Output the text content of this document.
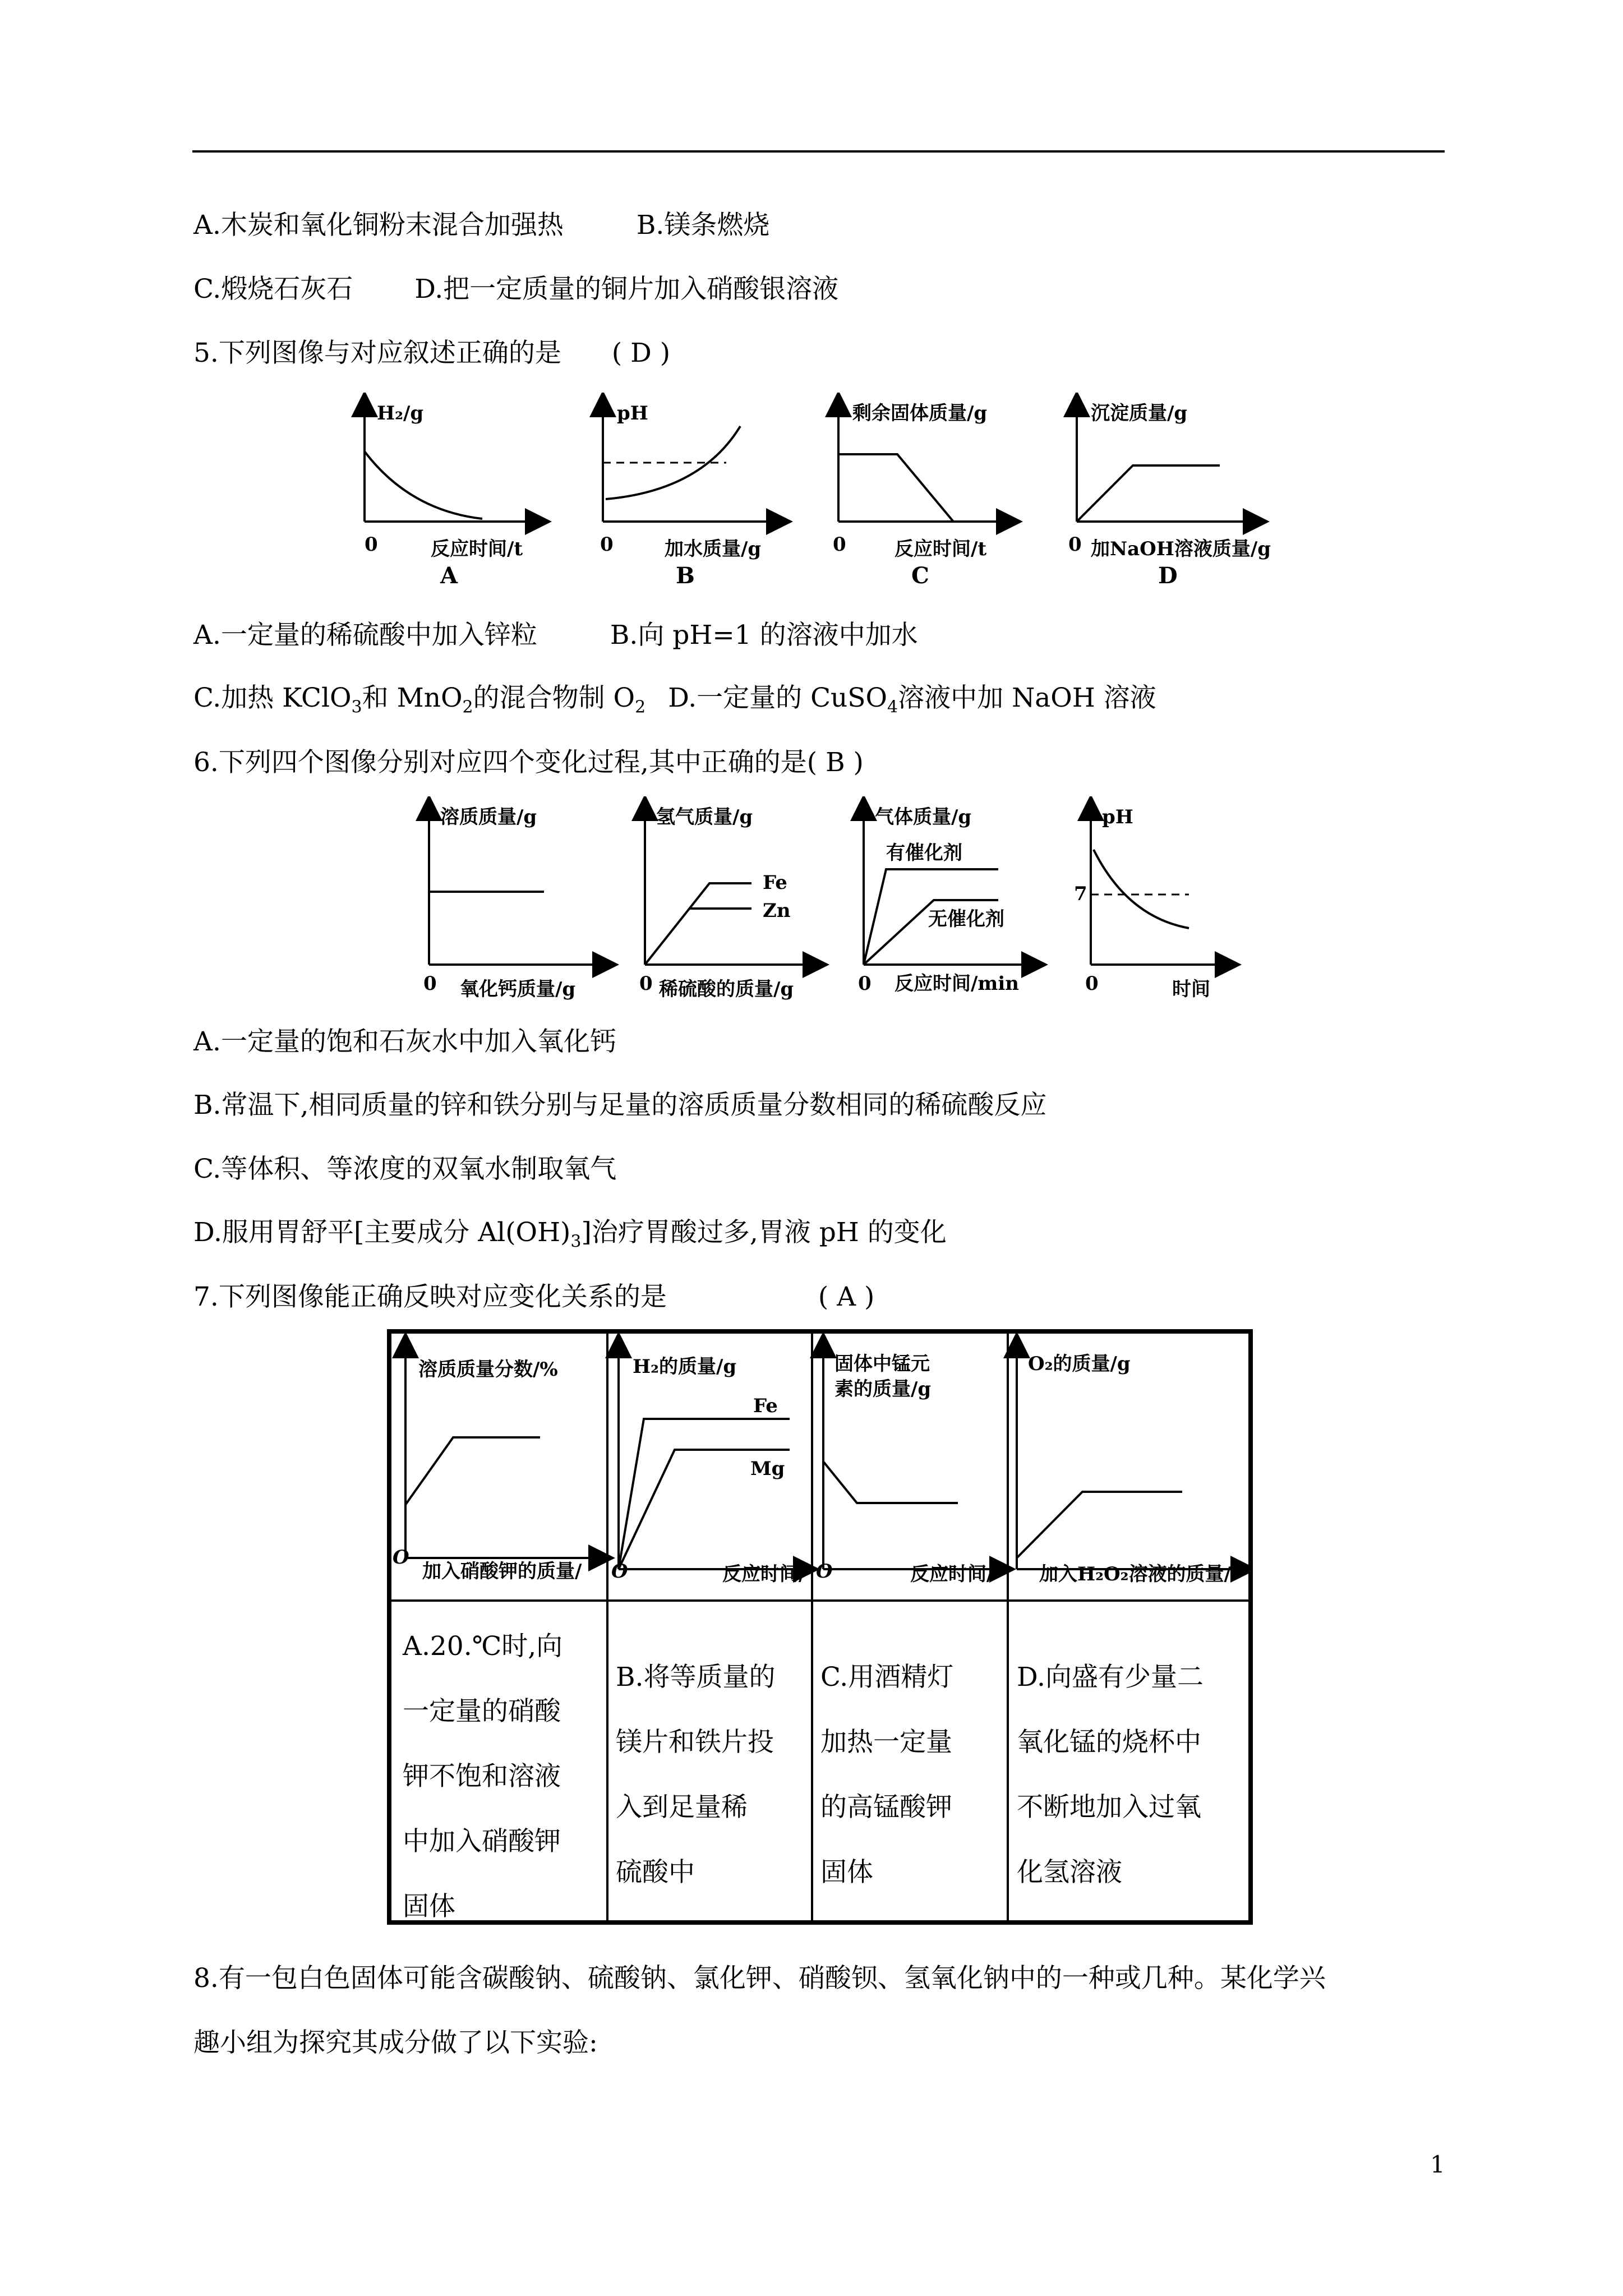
A.木炭和氧化铜粉末混合加强热	B.镁条燃烧
C.煅烧石灰石 D.把一定质量的铜片加入硝酸银溶液
5.下列图像与对应叙述正确的是 ( D )
H₂/g
0	反应时间/t
A
pH
0	加水质量/g
B
剩余固体质量/g
0	反应时间/t
C
沉淀质量/g
0 加NaOH溶液质量/g
D
A.一定量的稀硫酸中加入锌粒	B.向 pH=1 的溶液中加水
C.加热 KClO$_3$和 MnO$_2$的混合物制 $O_2$ D.一定量的 CuSO$_4$溶液中加 NaOH 溶液
6.下列四个图像分别对应四个变化过程,其中正确的是( B )
溶质质量/g
0 氧化钙质量/g
氢气质量/g
Fe
Zn
0 稀硫酸的质量/g
气体质量/g
有催化剂
无催化剂
0 反应时间/min
pH
7
0	时间
A.一定量的饱和石灰水中加入氧化钙
B.常温下,相同质量的锌和铁分别与足量的溶质质量分数相同的稀硫酸反应
C.等体积、等浓度的双氧水制取氧气
D.服用胃舒平[主要成分 $Al(OH)_3$]治疗胃酸过多,胃液 pH 的变化
7.下列图像能正确反映对应变化关系的是	( A )
溶质质量分数/%
O
加入硝酸钾的质量/
H₂的质量/g
Fe
Mg
O	反应时间/
固体中锰元
素的质量/g
O	反应时间/
O₂的质量/g
加入H₂O₂溶液的质量/
A.20.℃时,向
一定量的硝酸
钾不饱和溶液
中加入硝酸钾
固体
B.将等质量的
镁片和铁片投
入到足量稀
硫酸中
C.用酒精灯
加热一定量
的高锰酸钾
固体
D.向盛有少量二
氧化锰的烧杯中
不断地加入过氧
化氢溶液
8.有一包白色固体可能含碳酸钠、硫酸钠、氯化钾、硝酸钡、氢氧化钠中的一种或几种。某化学兴
趣小组为探究其成分做了以下实验:
1
